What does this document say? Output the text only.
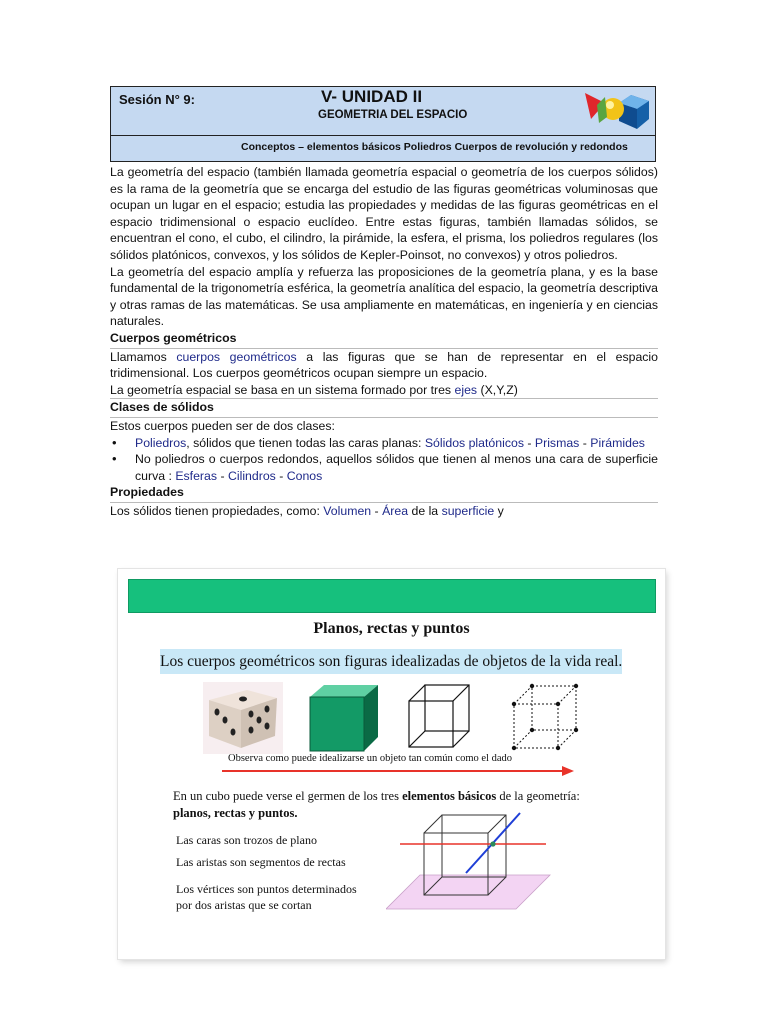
Sesión N° 9:	V- UNIDAD II
GEOMETRIA DEL ESPACIO
Conceptos – elementos básicos Poliedros Cuerpos de revolución y redondos

La geometría del espacio (también llamada geometría espacial o geometría de los cuerpos sólidos) es la rama de la geometría que se encarga del estudio de las figuras geométricas voluminosas que ocupan un lugar en el espacio; estudia las propiedades y medidas de las figuras geométricas en el espacio tridimensional o espacio euclídeo. Entre estas figuras, también llamadas sólidos, se encuentran el cono, el cubo, el cilindro, la pirámide, la esfera, el prisma, los poliedros regulares (los sólidos platónicos, convexos, y los sólidos de Kepler-Poinsot, no convexos) y otros poliedros.

La geometría del espacio amplía y refuerza las proposiciones de la geometría plana, y es la base fundamental de la trigonometría esférica, la geometría analítica del espacio, la geometría descriptiva y otras ramas de las matemáticas. Se usa ampliamente en matemáticas, en ingeniería y en ciencias naturales.

Cuerpos geométricos

Llamamos cuerpos geométricos a las figuras que se han de representar en el espacio tridimensional. Los cuerpos geométricos ocupan siempre un espacio.

La geometría espacial se basa en un sistema formado por tres ejes (X,Y,Z)

Clases de sólidos

Estos cuerpos pueden ser de dos clases:

• Poliedros, sólidos que tienen todas las caras planas: Sólidos platónicos - Prismas - Pirámides
• No poliedros o cuerpos redondos, aquellos sólidos que tienen al menos una cara de superficie curva : Esferas - Cilindros - Conos

Propiedades

Los sólidos tienen propiedades, como: Volumen - Área de la superficie y

Planos, rectas y puntos
Los cuerpos geométricos son figuras idealizadas de objetos de la vida real.
Observa como puede idealizarse un objeto tan común como el dado
En un cubo puede verse el germen de los tres elementos básicos de la geometría:
planos, rectas y puntos.
Las caras son trozos de plano
Las aristas son segmentos de rectas
Los vértices son puntos determinados
por dos aristas que se cortan
